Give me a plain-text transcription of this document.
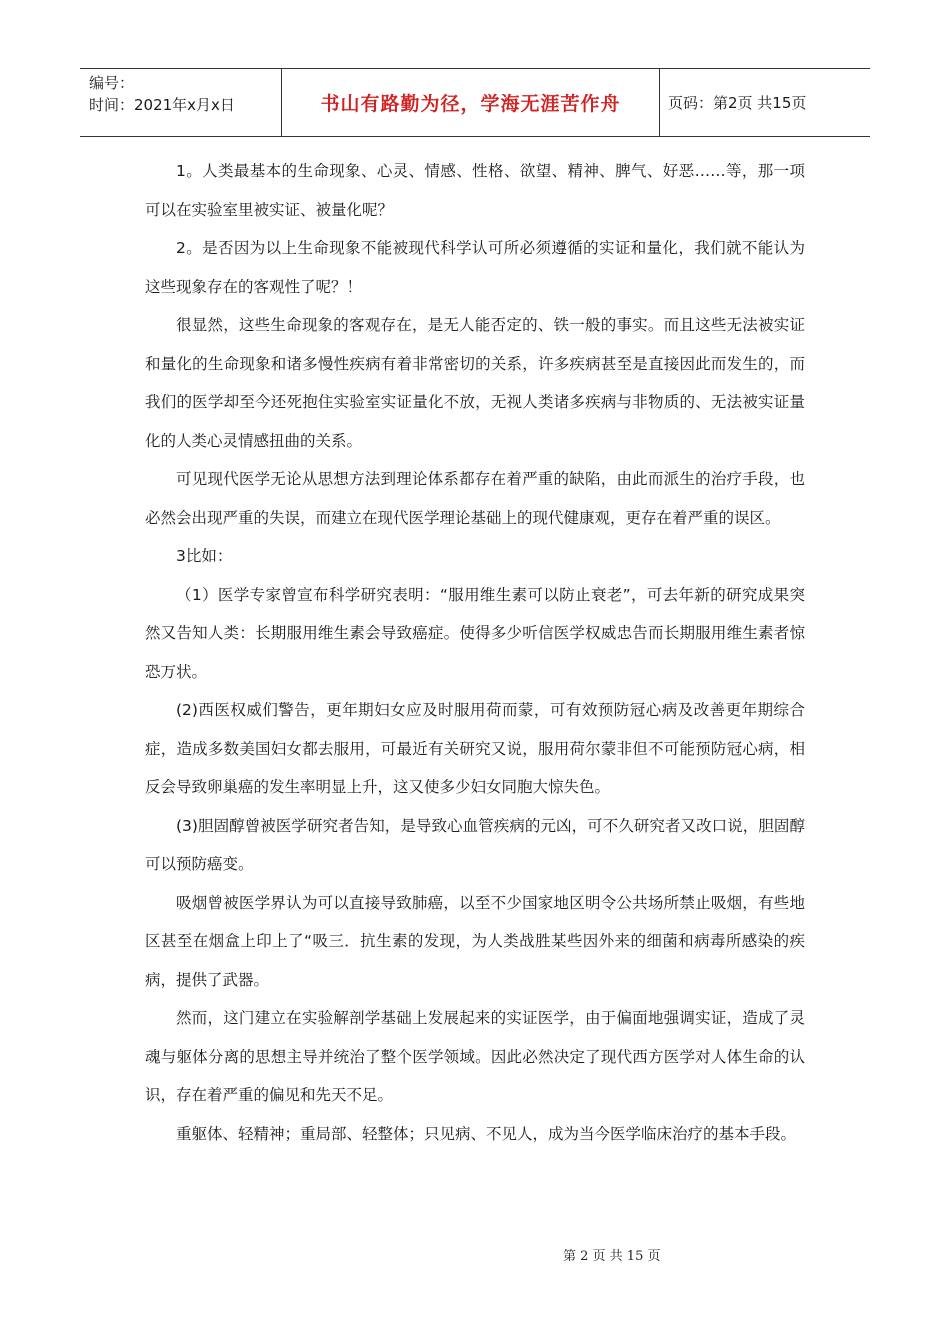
编号：
时间：2021年x月x日	书山有路勤为径，学海无涯苦作舟	页码：第2页 共15页

1。人类最基本的生命现象、心灵、情感、性格、欲望、精神、脾气、好恶……等，那一项可以在实验室里被实证、被量化呢？

2。是否因为以上生命现象不能被现代科学认可所必须遵循的实证和量化，我们就不能认为这些现象存在的客观性了呢？！

很显然，这些生命现象的客观存在，是无人能否定的、铁一般的事实。而且这些无法被实证和量化的生命现象和诸多慢性疾病有着非常密切的关系，许多疾病甚至是直接因此而发生的，而我们的医学却至今还死抱住实验室实证量化不放，无视人类诸多疾病与非物质的、无法被实证量化的人类心灵情感扭曲的关系。

可见现代医学无论从思想方法到理论体系都存在着严重的缺陷，由此而派生的治疗手段，也必然会出现严重的失误，而建立在现代医学理论基础上的现代健康观，更存在着严重的误区。

3比如：

（1）医学专家曾宣布科学研究表明：“服用维生素可以防止衰老”，可去年新的研究成果突然又告知人类：长期服用维生素会导致癌症。使得多少听信医学权威忠告而长期服用维生素者惊恐万状。

(2)西医权威们警告，更年期妇女应及时服用荷而蒙，可有效预防冠心病及改善更年期综合症，造成多数美国妇女都去服用，可最近有关研究又说，服用荷尔蒙非但不可能预防冠心病，相反会导致卵巢癌的发生率明显上升，这又使多少妇女同胞大惊失色。

(3)胆固醇曾被医学研究者告知，是导致心血管疾病的元凶，可不久研究者又改口说，胆固醇可以预防癌变。

吸烟曾被医学界认为可以直接导致肺癌，以至不少国家地区明令公共场所禁止吸烟，有些地区甚至在烟盒上印上了“吸三．抗生素的发现，为人类战胜某些因外来的细菌和病毒所感染的疾病，提供了武器。

然而，这门建立在实验解剖学基础上发展起来的实证医学，由于偏面地强调实证，造成了灵魂与躯体分离的思想主导并统治了整个医学领域。因此必然决定了现代西方医学对人体生命的认识，存在着严重的偏见和先天不足。

重躯体、轻精神；重局部、轻整体；只见病、不见人，成为当今医学临床治疗的基本手段。

第 2 页 共 15 页
